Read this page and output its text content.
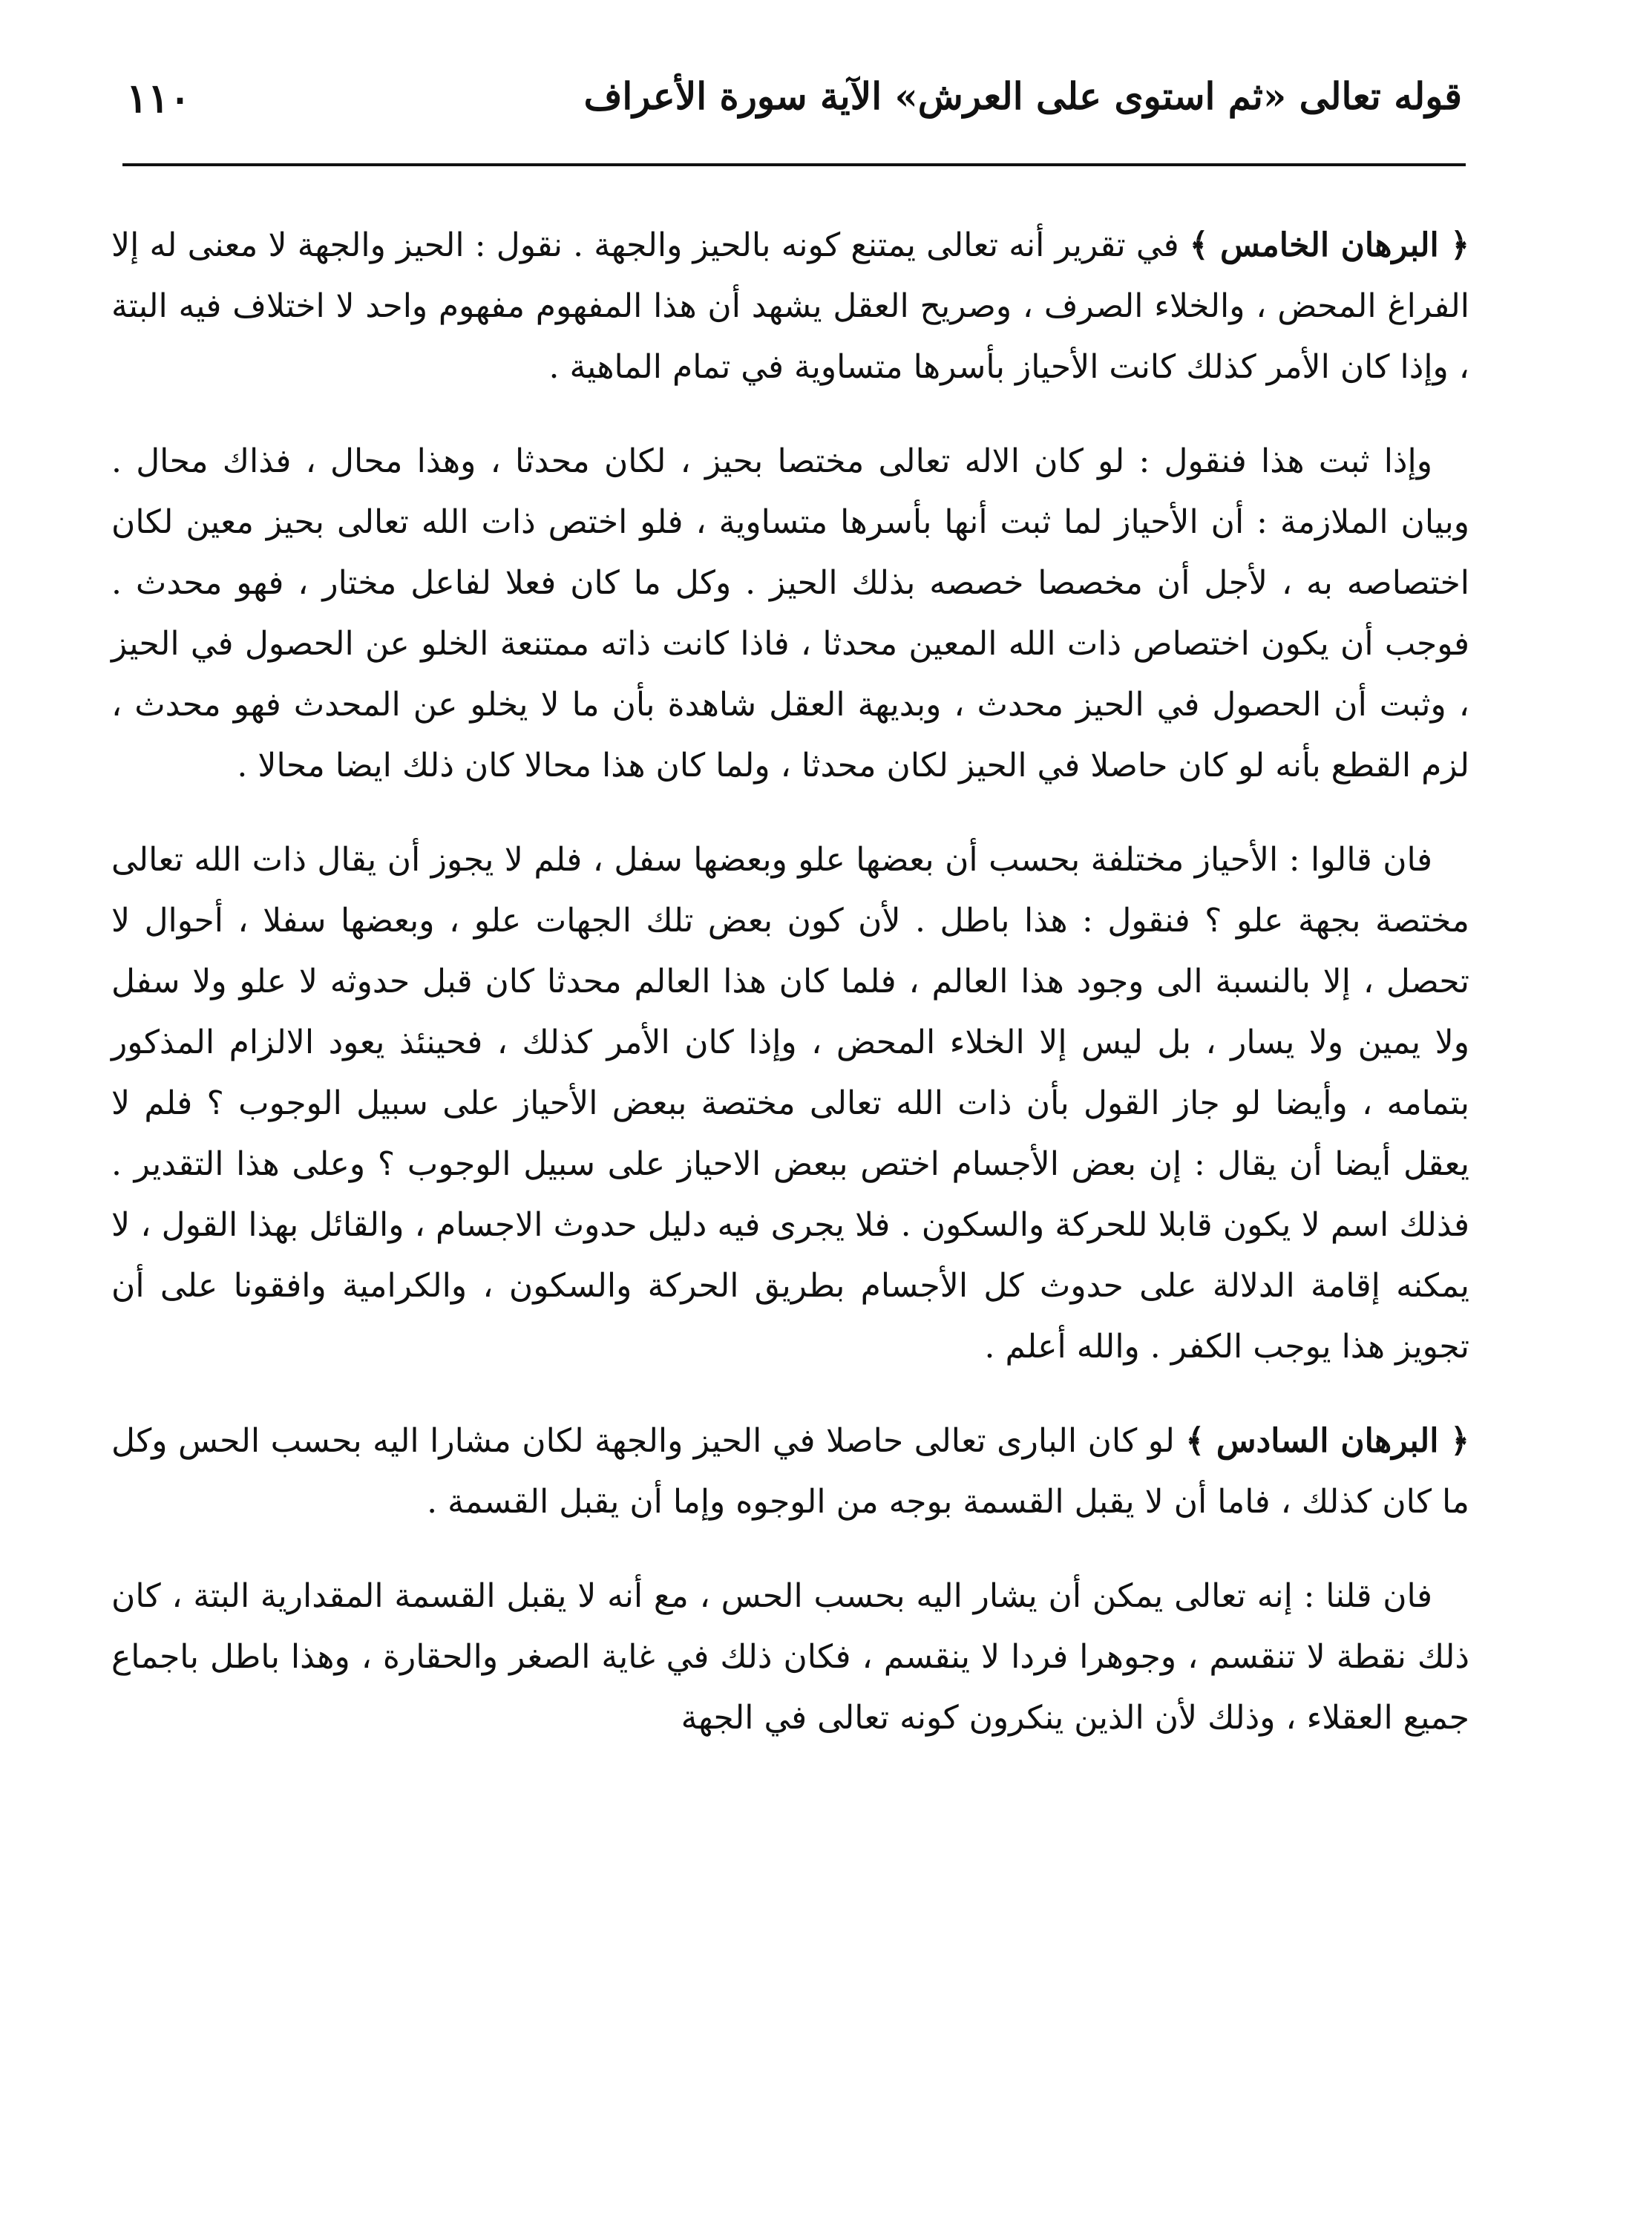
قوله تعالى «ثم استوى على العرش» الآية سورة الأعراف
١١٠

﴿ البرهان الخامس ﴾ في تقرير أنه تعالى يمتنع كونه بالحيز والجهة . نقول : الحيز والجهة لا معنى له إلا الفراغ المحض ، والخلاء الصرف ، وصريح العقل يشهد أن هذا المفهوم مفهوم واحد لا اختلاف فيه البتة ، وإذا كان الأمر كذلك كانت الأحياز بأسرها متساوية في تمام الماهية .

وإذا ثبت هذا فنقول : لو كان الاله تعالى مختصا بحيز ، لكان محدثا ، وهذا محال ، فذاك محال . وبيان الملازمة : أن الأحياز لما ثبت أنها بأسرها متساوية ، فلو اختص ذات الله تعالى بحيز معين لكان اختصاصه به ، لأجل أن مخصصا خصصه بذلك الحيز . وكل ما كان فعلا لفاعل مختار ، فهو محدث . فوجب أن يكون اختصاص ذات الله المعين محدثا ، فاذا كانت ذاته ممتنعة الخلو عن الحصول في الحيز ، وثبت أن الحصول في الحيز محدث ، وبديهة العقل شاهدة بأن ما لا يخلو عن المحدث فهو محدث ، لزم القطع بأنه لو كان حاصلا في الحيز لكان محدثا ، ولما كان هذا محالا كان ذلك ايضا محالا .

فان قالوا : الأحياز مختلفة بحسب أن بعضها علو وبعضها سفل ، فلم لا يجوز أن يقال ذات الله تعالى مختصة بجهة علو ؟ فنقول : هذا باطل . لأن كون بعض تلك الجهات علو ، وبعضها سفلا ، أحوال لا تحصل ، إلا بالنسبة الى وجود هذا العالم ، فلما كان هذا العالم محدثا كان قبل حدوثه لا علو ولا سفل ولا يمين ولا يسار ، بل ليس إلا الخلاء المحض ، وإذا كان الأمر كذلك ، فحينئذ يعود الالزام المذكور بتمامه ، وأيضا لو جاز القول بأن ذات الله تعالى مختصة ببعض الأحياز على سبيل الوجوب ؟ فلم لا يعقل أيضا أن يقال : إن بعض الأجسام اختص ببعض الاحياز على سبيل الوجوب ؟ وعلى هذا التقدير . فذلك اسم لا يكون قابلا للحركة والسكون . فلا يجرى فيه دليل حدوث الاجسام ، والقائل بهذا القول ، لا يمكنه إقامة الدلالة على حدوث كل الأجسام بطريق الحركة والسكون ، والكرامية وافقونا على أن تجويز هذا يوجب الكفر . والله أعلم .

﴿ البرهان السادس ﴾ لو كان البارى تعالى حاصلا في الحيز والجهة لكان مشارا اليه بحسب الحس وكل ما كان كذلك ، فاما أن لا يقبل القسمة بوجه من الوجوه وإما أن يقبل القسمة .

فان قلنا : إنه تعالى يمكن أن يشار اليه بحسب الحس ، مع أنه لا يقبل القسمة المقدارية البتة ، كان ذلك نقطة لا تنقسم ، وجوهرا فردا لا ينقسم ، فكان ذلك في غاية الصغر والحقارة ، وهذا باطل باجماع جميع العقلاء ، وذلك لأن الذين ينكرون كونه تعالى في الجهة
